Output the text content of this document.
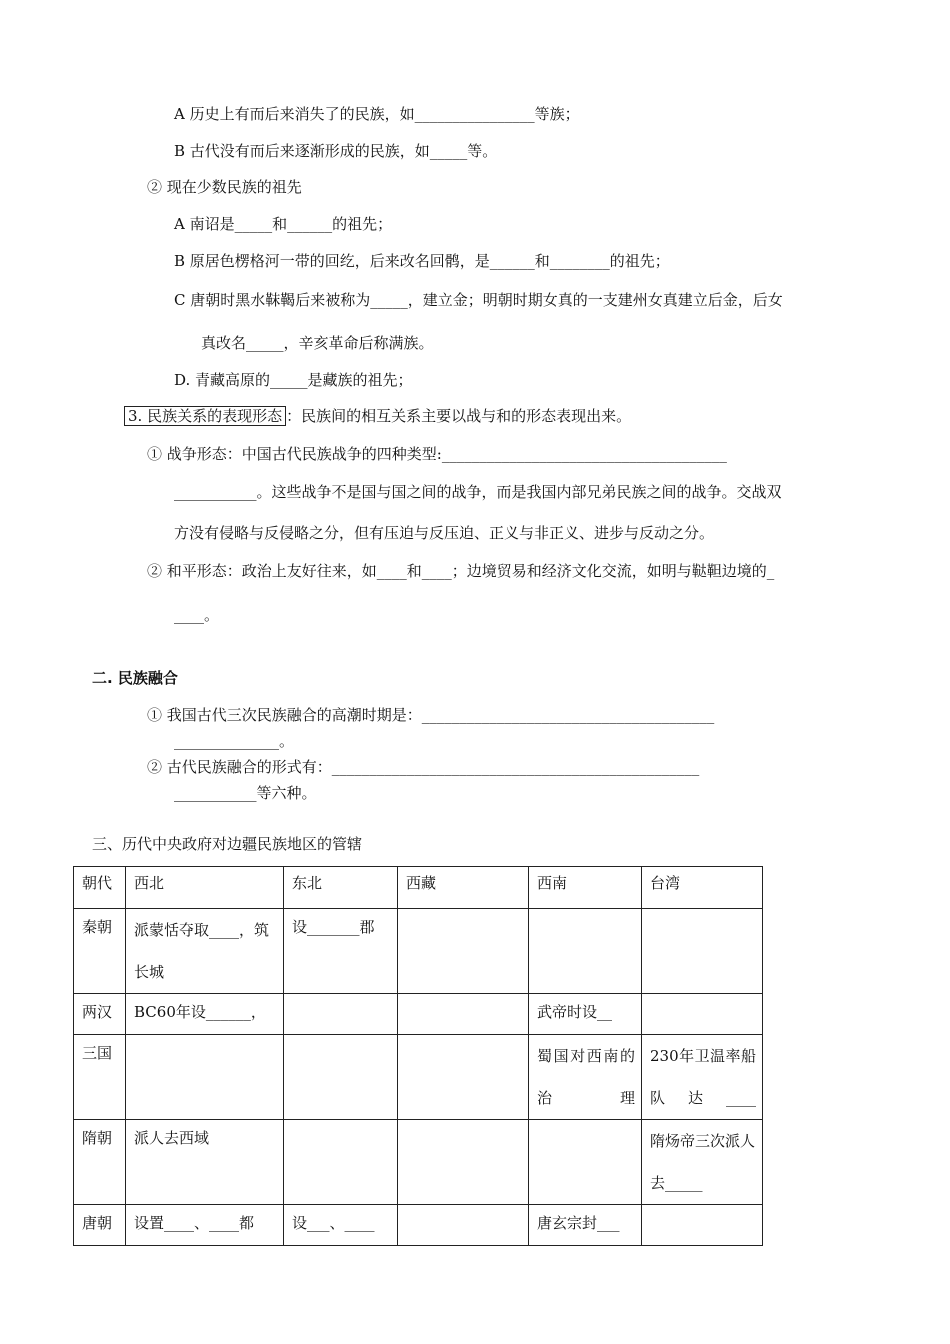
A 历史上有而后来消失了的民族，如________________等族；
B 古代没有而后来逐渐形成的民族，如_____等。
② 现在少数民族的祖先
A 南诏是_____和______的祖先；
B 原居色楞格河一带的回纥，后来改名回鹘，是______和________的祖先；
C 唐朝时黑水靺鞨后来被称为_____，建立金；明朝时期女真的一支建州女真建立后金，后女
真改名_____，辛亥革命后称满族。
D. 青藏高原的_____是藏族的祖先；
3. 民族关系的表现形态 ：民族间的相互关系主要以战与和的形态表现出来。
① 战争形态：中国古代民族战争的四种类型:______________________________________
___________。这些战争不是国与国之间的战争，而是我国内部兄弟民族之间的战争。交战双
方没有侵略与反侵略之分，但有压迫与反压迫、正义与非正义、进步与反动之分。
② 和平形态：政治上友好往来，如____和____；边境贸易和经济文化交流，如明与鞑靼边境的_
____。
二. 民族融合
① 我国古代三次民族融合的高潮时期是：_______________________________________
______________。
② 古代民族融合的形式有：_________________________________________________
___________等六种。
三、历代中央政府对边疆民族地区的管辖
朝代	西北	东北	西藏	西南	台湾
秦朝	派蒙恬夺取____，筑长城	设_______郡			
两汉	BC60年设______，			武帝时设__	
三国				蜀国对西南的治理	230年卫温率船队达____
隋朝	派人去西域				隋炀帝三次派人去_____
唐朝	设置____、____都	设___、____		唐玄宗封___	
